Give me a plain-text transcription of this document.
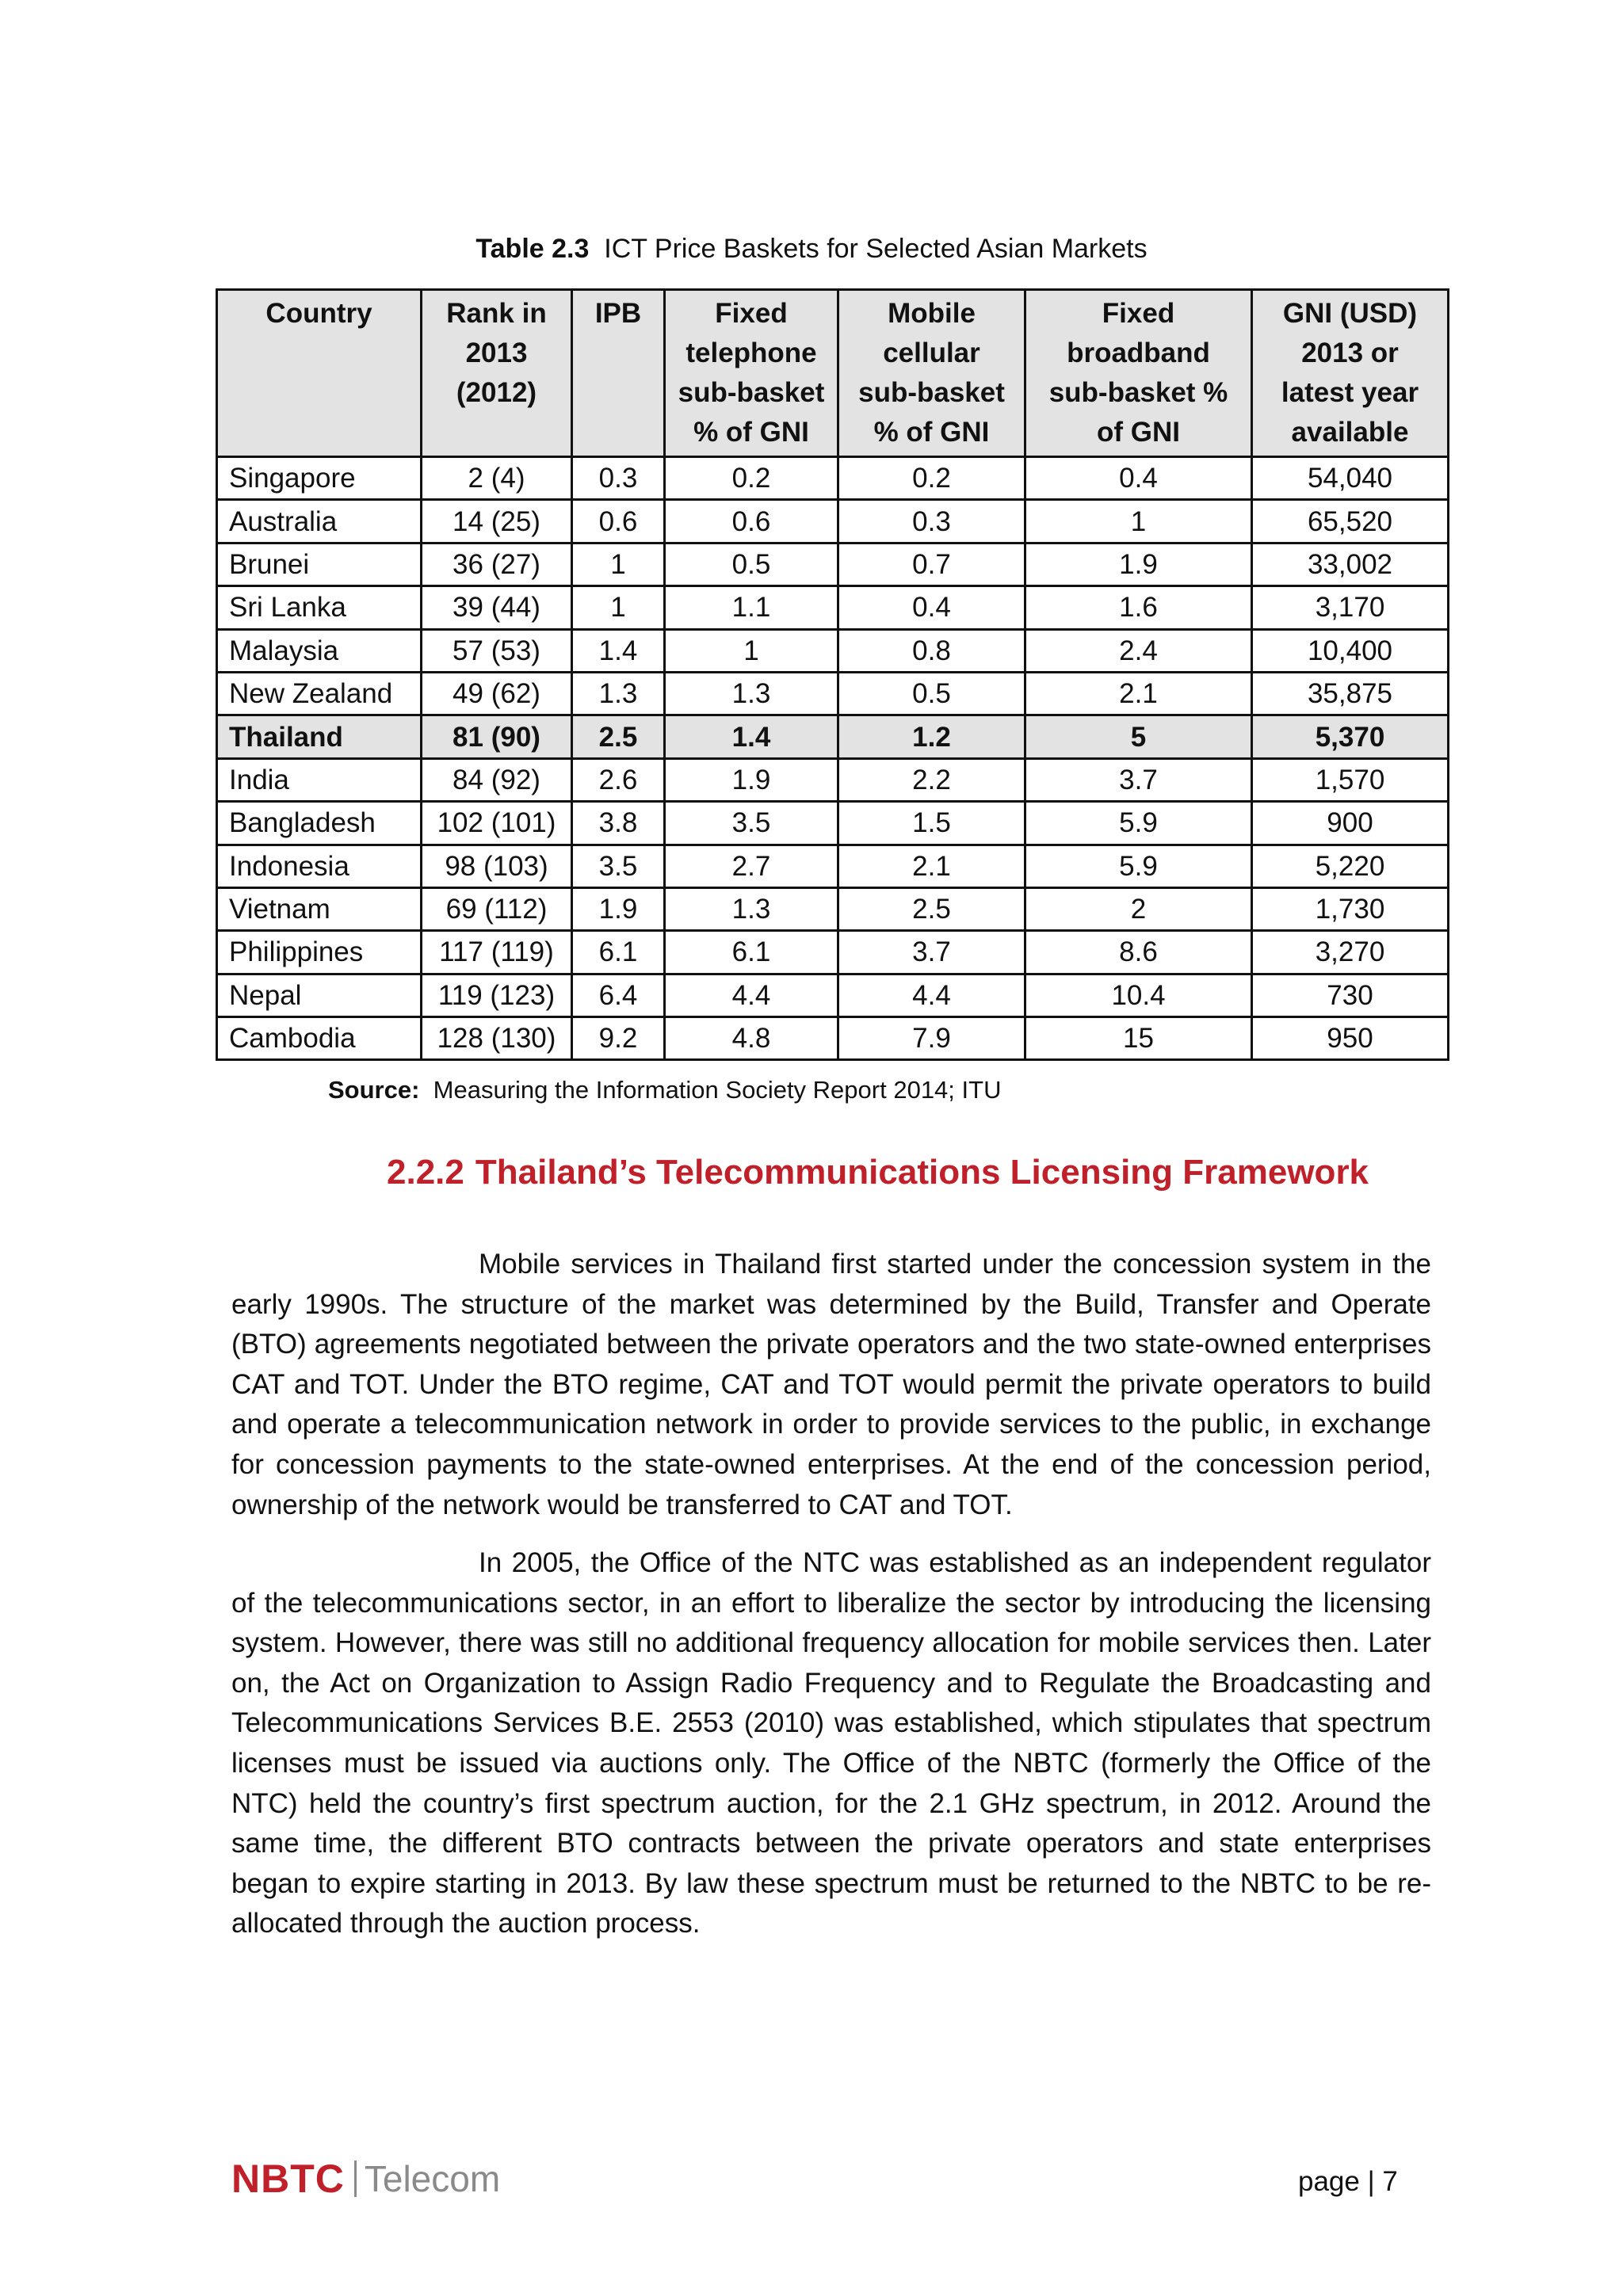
Table 2.3 ICT Price Baskets for Selected Asian Markets
Country	Rank in 2013 (2012)	IPB	Fixed telephone sub-basket % of GNI	Mobile cellular sub-basket % of GNI	Fixed broadband sub-basket % of GNI	GNI (USD) 2013 or latest year available
Singapore	2 (4)	0.3	0.2	0.2	0.4	54,040
Australia	14 (25)	0.6	0.6	0.3	1	65,520
Brunei	36 (27)	1	0.5	0.7	1.9	33,002
Sri Lanka	39 (44)	1	1.1	0.4	1.6	3,170
Malaysia	57 (53)	1.4	1	0.8	2.4	10,400
New Zealand	49 (62)	1.3	1.3	0.5	2.1	35,875
Thailand	81 (90)	2.5	1.4	1.2	5	5,370
India	84 (92)	2.6	1.9	2.2	3.7	1,570
Bangladesh	102 (101)	3.8	3.5	1.5	5.9	900
Indonesia	98 (103)	3.5	2.7	2.1	5.9	5,220
Vietnam	69 (112)	1.9	1.3	2.5	2	1,730
Philippines	117 (119)	6.1	6.1	3.7	8.6	3,270
Nepal	119 (123)	6.4	4.4	4.4	10.4	730
Cambodia	128 (130)	9.2	4.8	7.9	15	950
Source: Measuring the Information Society Report 2014; ITU
2.2.2 Thailand’s Telecommunications Licensing Framework

Mobile services in Thailand first started under the concession system in the early 1990s. The structure of the market was determined by the Build, Transfer and Operate (BTO) agreements negotiated between the private operators and the two state-owned enterprises CAT and TOT. Under the BTO regime, CAT and TOT would permit the private operators to build and operate a telecommunication network in order to provide services to the public, in exchange for concession payments to the state-owned enterprises. At the end of the concession period, ownership of the network would be transferred to CAT and TOT.

In 2005, the Office of the NTC was established as an independent regulator of the telecommunications sector, in an effort to liberalize the sector by introducing the licensing system. However, there was still no additional frequency allocation for mobile services then. Later on, the Act on Organization to Assign Radio Frequency and to Regulate the Broadcasting and Telecommunications Services B.E. 2553 (2010) was established, which stipulates that spectrum licenses must be issued via auctions only. The Office of the NBTC (formerly the Office of the NTC) held the country’s first spectrum auction, for the 2.1 GHz spectrum, in 2012. Around the same time, the different BTO contracts between the private operators and state enterprises began to expire starting in 2013. By law these spectrum must be returned to the NBTC to be re-allocated through the auction process.

NBTC Telecom	page | 7
